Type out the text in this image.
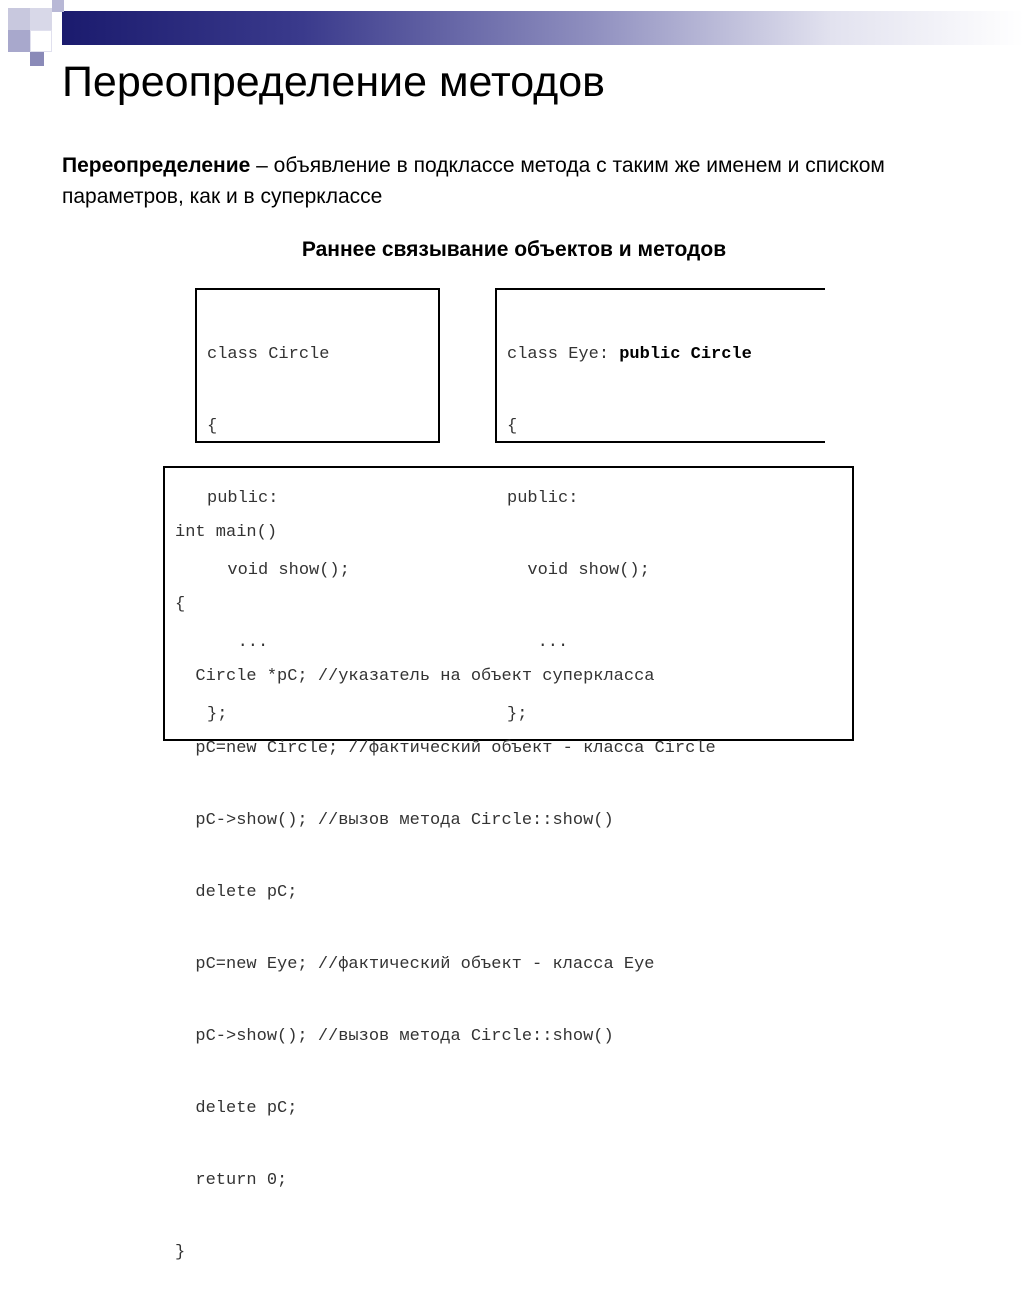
Переопределение методов

Переопределение – объявление в подклассе метода с таким же именем и списком параметров, как и в суперклассе

Раннее связывание объектов и методов

class Circle

{

public:

void show();

...

};

class Eye: public Circle

{

public:

void show();

...

};

int main()

{

Circle *pC; //указатель на объект суперкласса

pC=new Circle; //фактический объект - класса Circle

pC->show(); //вызов метода Circle::show()

delete pC;

pC=new Eye; //фактический объект - класса Eye

pC->show(); //вызов метода Circle::show()

delete pC;

return 0;

}
